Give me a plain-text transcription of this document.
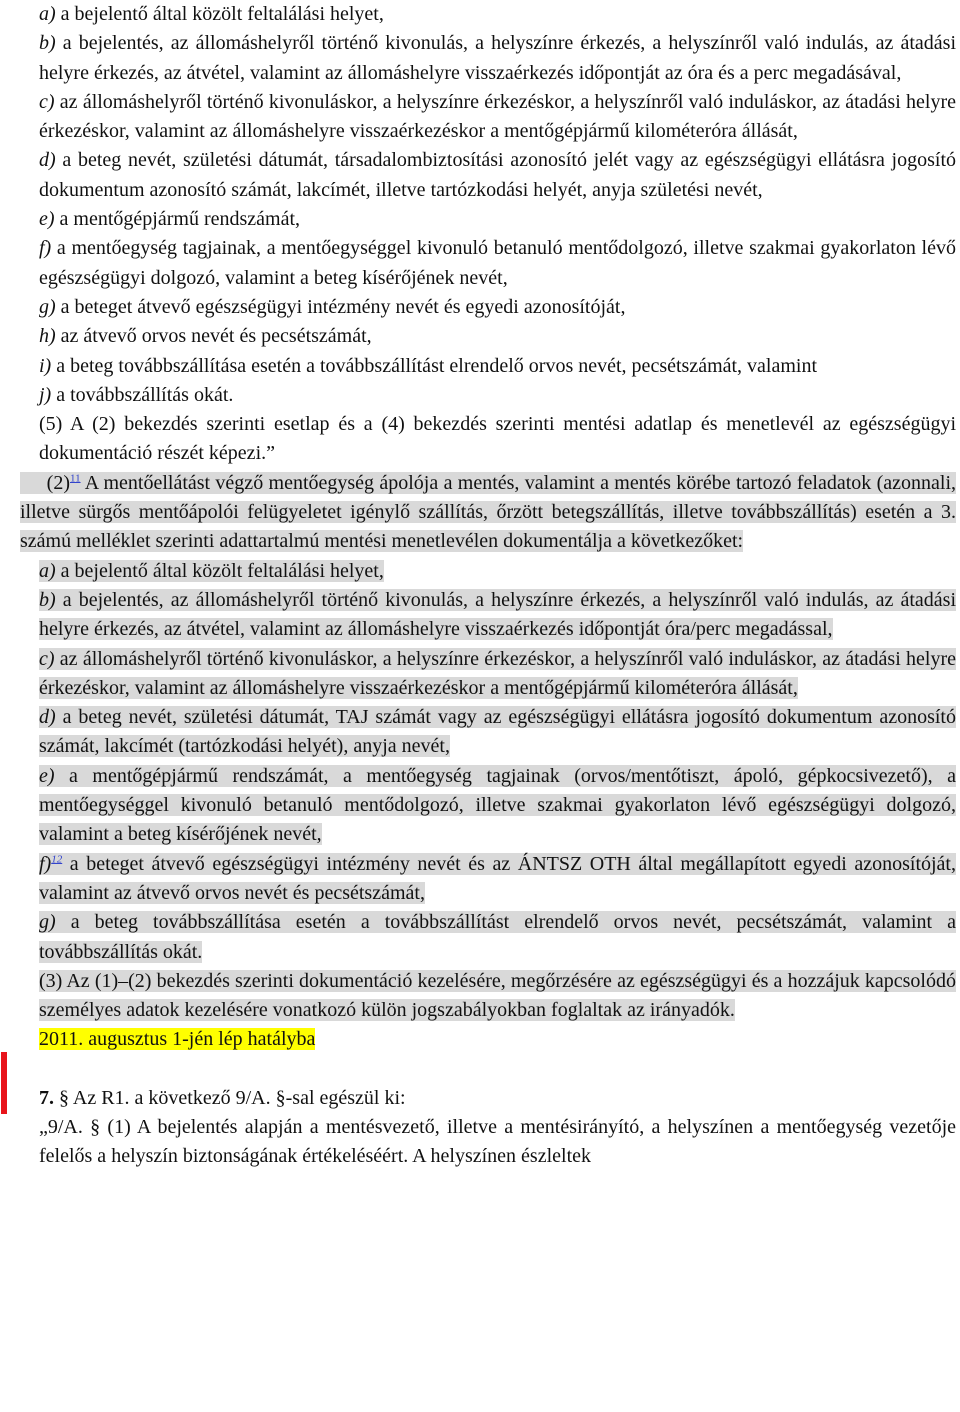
a) a bejelentő által közölt feltalálási helyet,

b) a bejelentés, az állomáshelyről történő kivonulás, a helyszínre érkezés, a helyszínről való indulás, az átadási helyre érkezés, az átvétel, valamint az állomáshelyre visszaérkezés időpontját az óra és a perc megadásával,

c) az állomáshelyről történő kivonuláskor, a helyszínre érkezéskor, a helyszínről való induláskor, az átadási helyre érkezéskor, valamint az állomáshelyre visszaérkezéskor a mentőgépjármű kilométeróra állását,

d) a beteg nevét, születési dátumát, társadalombiztosítási azonosító jelét vagy az egészségügyi ellátásra jogosító dokumentum azonosító számát, lakcímét, illetve tartózkodási helyét, anyja születési nevét,

e) a mentőgépjármű rendszámát,

f) a mentőegység tagjainak, a mentőegységgel kivonuló betanuló mentődolgozó, illetve szakmai gyakorlaton lévő egészségügyi dolgozó, valamint a beteg kísérőjének nevét,

g) a beteget átvevő egészségügyi intézmény nevét és egyedi azonosítóját,

h) az átvevő orvos nevét és pecsétszámát,

i) a beteg továbbszállítása esetén a továbbszállítást elrendelő orvos nevét, pecsétszámát, valamint

j) a továbbszállítás okát.

(5) A (2) bekezdés szerinti esetlap és a (4) bekezdés szerinti mentési adatlap és menetlevél az egészségügyi dokumentáció részét képezi.”

(2)$^{11}$ A mentőellátást végző mentőegység ápolója a mentés, valamint a mentés körébe tartozó feladatok (azonnali, illetve sürgős mentőápolói felügyeletet igénylő szállítás, őrzött betegszállítás, illetve továbbszállítás) esetén a 3. számú melléklet szerinti adattartalmú mentési menetlevélen dokumentálja a következőket:

a) a bejelentő által közölt feltalálási helyet,

b) a bejelentés, az állomáshelyről történő kivonulás, a helyszínre érkezés, a helyszínről való indulás, az átadási helyre érkezés, az átvétel, valamint az állomáshelyre visszaérkezés időpontját óra/perc megadással,

c) az állomáshelyről történő kivonuláskor, a helyszínre érkezéskor, a helyszínről való induláskor, az átadási helyre érkezéskor, valamint az állomáshelyre visszaérkezéskor a mentőgépjármű kilométeróra állását,

d) a beteg nevét, születési dátumát, TAJ számát vagy az egészségügyi ellátásra jogosító dokumentum azonosító számát, lakcímét (tartózkodási helyét), anyja nevét,

e) a mentőgépjármű rendszámát, a mentőegység tagjainak (orvos/mentőtiszt, ápoló, gépkocsivezető), a mentőegységgel kivonuló betanuló mentődolgozó, illetve szakmai gyakorlaton lévő egészségügyi dolgozó, valamint a beteg kísérőjének nevét,

f)$^{12}$ a beteget átvevő egészségügyi intézmény nevét és az ÁNTSZ OTH által megállapított egyedi azonosítóját, valamint az átvevő orvos nevét és pecsétszámát,

g) a beteg továbbszállítása esetén a továbbszállítást elrendelő orvos nevét, pecsétszámát, valamint a továbbszállítás okát.

(3) Az (1)–(2) bekezdés szerinti dokumentáció kezelésére, megőrzésére az egészségügyi és a hozzájuk kapcsolódó személyes adatok kezelésére vonatkozó külön jogszabályokban foglaltak az irányadók.

2011. augusztus 1-jén lép hatályba

7. § Az R1. a következő 9/A. §-sal egészül ki:

„9/A. § (1) A bejelentés alapján a mentésvezető, illetve a mentésirányító, a helyszínen a mentőegység vezetője felelős a helyszín biztonságának értékeléséért. A helyszínen észleltek
